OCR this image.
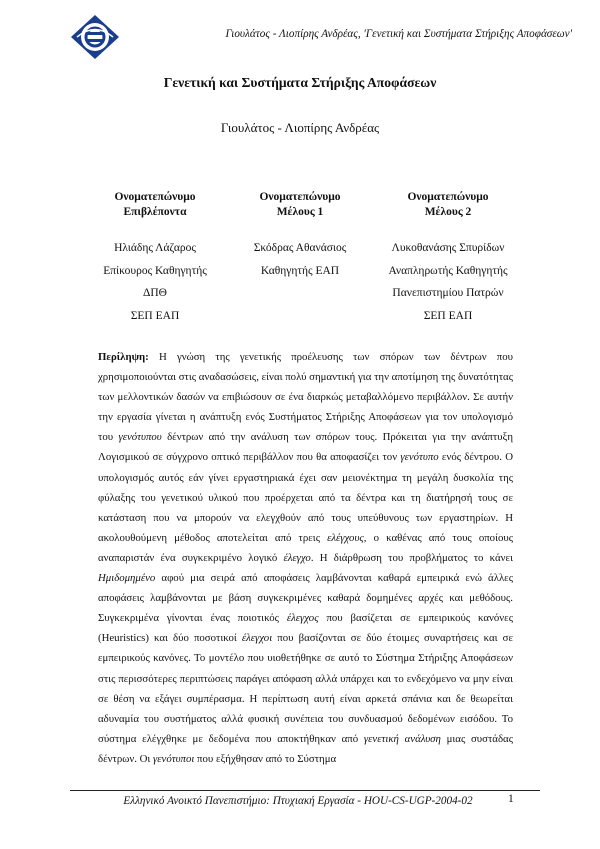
Γιουλάτος - Λιοπίρης Ανδρέας, 'Γενετική και Συστήματα Στήριξης Αποφάσεων'
Γενετική και Συστήματα Στήριξης Αποφάσεων
Γιουλάτος - Λιοπίρης Ανδρέας
Ονοματεπώνυμο
Επιβλέποντα
Ηλιάδης Λάζαρος
Επίκουρος Καθηγητής
ΔΠΘ
ΣΕΠ ΕΑΠ
Ονοματεπώνυμο
Μέλους 1
Σκόδρας Αθανάσιος
Καθηγητής ΕΑΠ
Ονοματεπώνυμο
Μέλους 2
Λυκοθανάσης Σπυρίδων
Αναπληρωτής Καθηγητής
Πανεπιστημίου Πατρών
ΣΕΠ ΕΑΠ
Περίληψη: Η γνώση της γενετικής προέλευσης των σπόρων των δέντρων που χρησιμοποιούνται στις αναδασώσεις, είναι πολύ σημαντική για την αποτίμηση της δυνατότητας των μελλοντικών δασών να επιβιώσουν σε ένα διαρκώς μεταβαλλόμενο περιβάλλον. Σε αυτήν την εργασία γίνεται η ανάπτυξη ενός Συστήματος Στήριξης Αποφάσεων για τον υπολογισμό του γενότυπου δέντρων από την ανάλυση των σπόρων τους. Πρόκειται για την ανάπτυξη Λογισμικού σε σύγχρονο οπτικό περιβάλλον που θα αποφασίζει τον γενότυπο ενός δέντρου. Ο υπολογισμός αυτός εάν γίνει εργαστηριακά έχει σαν μειονέκτημα τη μεγάλη δυσκολία της φύλαξης του γενετικού υλικού που προέρχεται από τα δέντρα και τη διατήρησή τους σε κατάσταση που να μπορούν να ελεγχθούν από τους υπεύθυνους των εργαστηρίων. Η ακολουθούμενη μέθοδος αποτελείται από τρεις ελέγχους, ο καθένας από τους οποίους αναπαριστάν ένα συγκεκριμένο λογικό έλεγχο. Η διάρθρωση του προβλήματος το κάνει Ημιδομημένο αφού μια σειρά από αποφάσεις λαμβάνονται καθαρά εμπειρικά ενώ άλλες αποφάσεις λαμβάνονται με βάση συγκεκριμένες καθαρά δομημένες αρχές και μεθόδους. Συγκεκριμένα γίνονται ένας ποιοτικός έλεγχος που βασίζεται σε εμπειρικούς κανόνες (Heuristics) και δύο ποσοτικοί έλεγχοι που βασίζονται σε δύο έτοιμες συναρτήσεις και σε εμπειρικούς κανόνες. Το μοντέλο που υιοθετήθηκε σε αυτό το Σύστημα Στήριξης Αποφάσεων στις περισσότερες περιπτώσεις παράγει απόφαση αλλά υπάρχει και το ενδεχόμενο να μην είναι σε θέση να εξάγει συμπέρασμα. Η περίπτωση αυτή είναι αρκετά σπάνια και δε θεωρείται αδυναμία του συστήματος αλλά φυσική συνέπεια του συνδυασμού δεδομένων εισόδου. Το σύστημα ελέγχθηκε με δεδομένα που αποκτήθηκαν από γενετική ανάλυση μιας συστάδας δέντρων. Οι γενότυποι που εξήχθησαν από το Σύστημα
Ελληνικό Ανοικτό Πανεπιστήμιο: Πτυχιακή Εργασία - HOU-CS-UGP-2004-02	1
